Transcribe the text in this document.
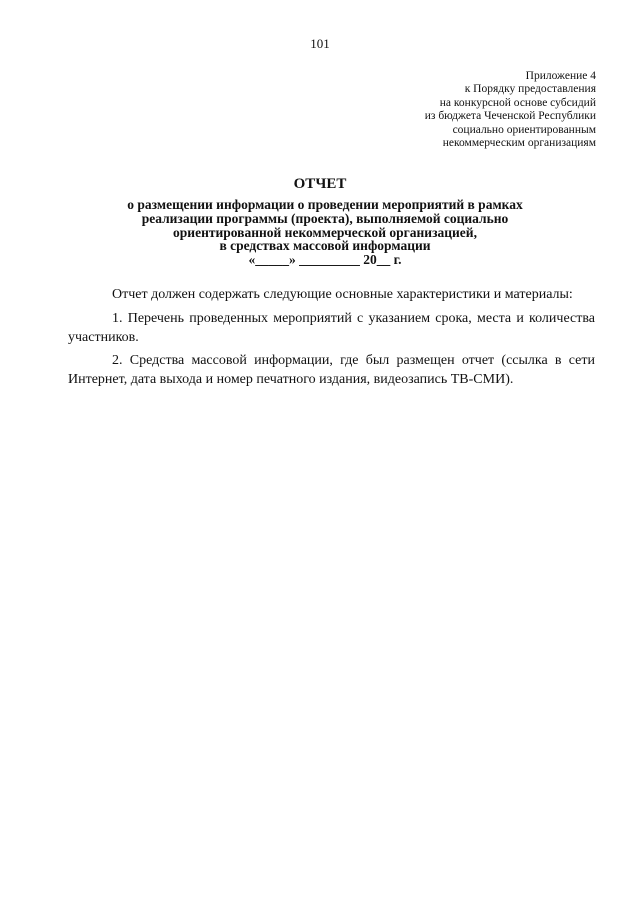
101
Приложение 4
к Порядку предоставления
на конкурсной основе субсидий
из бюджета Чеченской Республики
социально ориентированным
некоммерческим организациям
ОТЧЕТ
о размещении информации о проведении мероприятий в рамках
реализации программы (проекта), выполняемой социально
ориентированной некоммерческой организацией,
в средствах массовой информации
«_____» _________ 20__ г.
Отчет должен содержать следующие основные характеристики и материалы:
1. Перечень проведенных мероприятий с указанием срока, места и количества участников.
2. Средства массовой информации, где был размещен отчет (ссылка в сети Интернет, дата выхода и номер печатного издания, видеозапись ТВ-СМИ).
